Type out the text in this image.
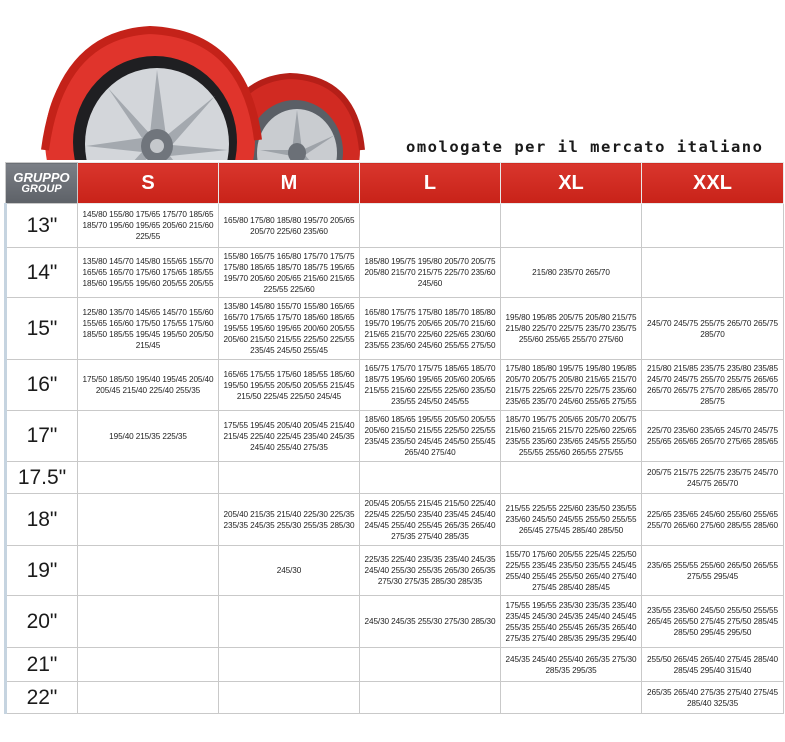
omologate per il mercato italiano
GRUPPO
GROUP	S	M	L	XL	XXL
13"	145/80 155/80 175/65 175/70 185/65 185/70 195/60 195/65 205/60 215/60 225/55	165/80 175/80 185/80 195/70 205/65 205/70 225/60 235/60			
14"	135/80 145/70 145/80 155/65 155/70 165/65 165/70 175/60 175/65 185/55 185/60 195/55 195/60 205/55 205/55	155/80 165/75 165/80 175/70 175/75 175/80 185/65 185/70 185/75 195/65 195/70 205/60 205/65 215/60 215/65 225/55 225/60	185/80 195/75 195/80 205/70 205/75 205/80 215/70 215/75 225/70 235/60 245/60	215/80 235/70 265/70	
15"	125/80 135/70 145/65 145/70 155/60 155/65 165/60 175/50 175/55 175/60 185/50 185/55 195/45 195/50 205/50 215/45	135/80 145/80 155/70 155/80 165/65 165/70 175/65 175/70 185/60 185/65 195/55 195/60 195/65 200/60 205/55 205/60 215/50 215/55 225/50 225/55 235/45 245/50 255/45	165/80 175/75 175/80 185/70 185/80 195/70 195/75 205/65 205/70 215/60 215/65 215/70 225/60 225/65 230/60 235/55 235/60 245/60 255/55 275/50	195/80 195/85 205/75 205/80 215/75 215/80 225/70 225/75 235/70 235/75 255/60 255/65 255/70 275/60	245/70 245/75 255/75 265/70 265/75 285/70
16"	175/50 185/50 195/40 195/45 205/40 205/45 215/40 225/40 255/35	165/65 175/55 175/60 185/55 185/60 195/50 195/55 205/50 205/55 215/45 215/50 225/45 225/50 245/45	165/75 175/70 175/75 185/65 185/70 185/75 195/60 195/65 205/60 205/65 215/55 215/60 225/55 225/60 235/50 235/55 245/50 245/55	175/80 185/80 195/75 195/80 195/85 205/70 205/75 205/80 215/65 215/70 215/75 225/65 225/70 225/75 235/60 235/65 235/70 245/60 255/65 275/55	215/80 215/85 235/75 235/80 235/85 245/70 245/75 255/70 255/75 265/65 265/70 265/75 275/70 285/65 285/70 285/75
17"	195/40 215/35 225/35	175/55 195/45 205/40 205/45 215/40 215/45 225/40 225/45 235/40 245/35 245/40 255/40 275/35	185/60 185/65 195/55 205/50 205/55 205/60 215/50 215/55 225/50 225/55 235/45 235/50 245/45 245/50 255/45 265/40 275/40	185/70 195/75 205/65 205/70 205/75 215/60 215/65 215/70 225/60 225/65 235/55 235/60 235/65 245/55 255/50 255/55 255/60 265/55 275/55	225/70 235/60 235/65 245/70 245/75 255/65 265/65 265/70 275/65 285/65
17.5"					205/75 215/75 225/75 235/75 245/70 245/75 265/70
18"		205/40 215/35 215/40 225/30 225/35 235/35 245/35 255/30 255/35 285/30	205/45 205/55 215/45 215/50 225/40 225/45 225/50 235/40 235/45 245/40 245/45 255/40 255/45 265/35 265/40 275/35 275/40 285/35	215/55 225/55 225/60 235/50 235/55 235/60 245/50 245/55 255/50 255/55 265/45 275/45 285/40 285/50	225/65 235/65 245/60 255/60 255/65 255/70 265/60 275/60 285/55 285/60
19"		245/30	225/35 225/40 235/35 235/40 245/35 245/40 255/30 255/35 265/30 265/35 275/30 275/35 285/30 285/35	155/70 175/60 205/55 225/45 225/50 225/55 235/45 235/50 235/55 245/45 255/40 255/45 255/50 265/40 275/40 275/45 285/40 285/45	235/65 255/55 255/60 265/50 265/55 275/55 295/45
20"			245/30 245/35 255/30 275/30 285/30	175/55 195/55 235/30 235/35 235/40 235/45 245/30 245/35 245/40 245/45 255/35 255/40 255/45 265/35 265/40 275/35 275/40 285/35 295/35 295/40	235/55 235/60 245/50 255/50 255/55 265/45 265/50 275/45 275/50 285/45 285/50 295/45 295/50
21"				245/35 245/40 255/40 265/35 275/30 285/35 295/35	255/50 265/45 265/40 275/45 285/40 285/45 295/40 315/40
22"					265/35 265/40 275/35 275/40 275/45 285/40 325/35
